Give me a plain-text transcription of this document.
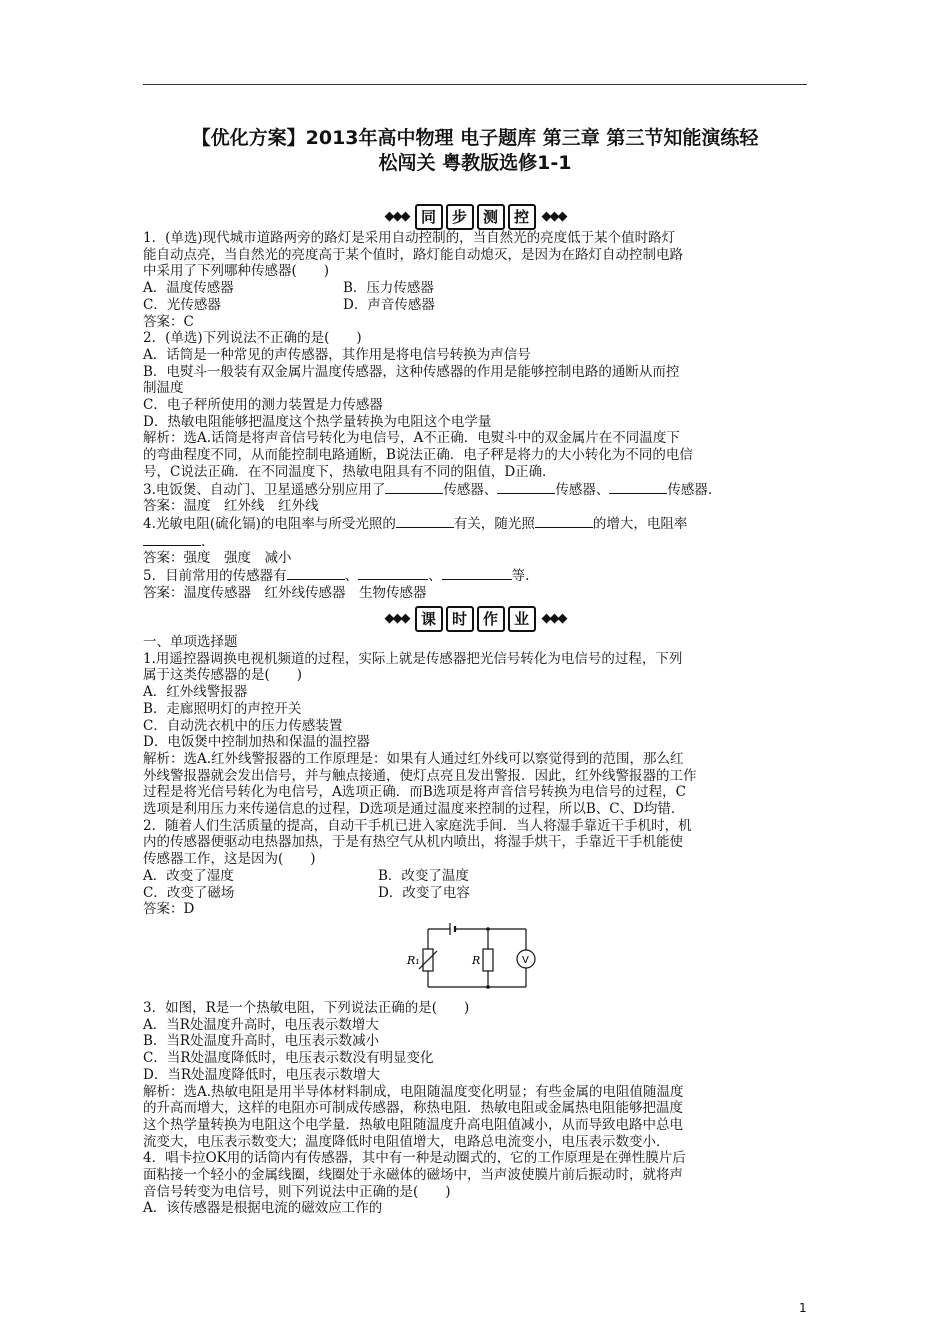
【优化方案】2013年高中物理 电子题库 第三章 第三节知能演练轻
松闯关 粤教版选修1-1
◆◆◆ 同	步	测	控 ◆◆◆

1．(单选)现代城市道路两旁的路灯是采用自动控制的，当自然光的亮度低于某个值时路灯

能自动点亮，当自然光的亮度高于某个值时，路灯能自动熄灭，是因为在路灯自动控制电路

中采用了下列哪种传感器(　　)

A．温度传感器	B．压力传感器
C．光传感器	D．声音传感器

答案：C

2．(单选)下列说法不正确的是(　　)

A．话筒是一种常见的声传感器，其作用是将电信号转换为声信号

B．电熨斗一般装有双金属片温度传感器，这种传感器的作用是能够控制电路的通断从而控

制温度

C．电子秤所使用的测力装置是力传感器

D．热敏电阻能够把温度这个热学量转换为电阻这个电学量

解析：选A.话筒是将声音信号转化为电信号，A不正确．电熨斗中的双金属片在不同温度下

的弯曲程度不同，从而能控制电路通断，B说法正确．电子秤是将力的大小转化为不同的电信

号，C说法正确．在不同温度下，热敏电阻具有不同的阻值，D正确．

3.电饭煲、自动门、卫星遥感分别应用了	传感器、	传感器、	传感器.

答案：温度　红外线　红外线

4.光敏电阻(硫化镉)的电阻率与所受光照的	有关，随光照	的增大，电阻率

.

答案：强度　强度　减小

5．目前常用的传感器有	、	、	等.

答案：温度传感器　红外线传感器　生物传感器

◆◆◆ 课	时	作	业 ◆◆◆

一、单项选择题

1.用遥控器调换电视机频道的过程，实际上就是传感器把光信号转化为电信号的过程，下列

属于这类传感器的是(　　)

A．红外线警报器

B．走廊照明灯的声控开关

C．自动洗衣机中的压力传感装置

D．电饭煲中控制加热和保温的温控器

解析：选A.红外线警报器的工作原理是：如果有人通过红外线可以察觉得到的范围，那么红

外线警报器就会发出信号，并与触点接通，使灯点亮且发出警报．因此，红外线警报器的工作

过程是将光信号转化为电信号，A选项正确．而B选项是将声音信号转换为电信号的过程，C

选项是利用压力来传递信息的过程，D选项是通过温度来控制的过程，所以B、C、D均错．

2．随着人们生活质量的提高，自动干手机已进入家庭洗手间．当人将湿手靠近干手机时，机

内的传感器便驱动电热器加热，于是有热空气从机内喷出，将湿手烘干，手靠近干手机能使

传感器工作，这是因为(　　)

A．改变了湿度	B．改变了温度
C．改变了磁场	D．改变了电容

答案：D

R₁	R	V

3．如图，R是一个热敏电阻，下列说法正确的是(　　)

A．当R处温度升高时，电压表示数增大

B．当R处温度升高时，电压表示数减小

C．当R处温度降低时，电压表示数没有明显变化

D．当R处温度降低时，电压表示数增大

解析：选A.热敏电阻是用半导体材料制成，电阻随温度变化明显；有些金属的电阻值随温度

的升高而增大，这样的电阻亦可制成传感器，称热电阻．热敏电阻或金属热电阻能够把温度

这个热学量转换为电阻这个电学量．热敏电阻随温度升高电阻值减小，从而导致电路中总电

流变大，电压表示数变大；温度降低时电阻值增大，电路总电流变小，电压表示数变小．

4．唱卡拉OK用的话筒内有传感器，其中有一种是动圈式的，它的工作原理是在弹性膜片后

面粘接一个轻小的金属线圈，线圈处于永磁体的磁场中，当声波使膜片前后振动时，就将声

音信号转变为电信号，则下列说法中正确的是(　　)

A．该传感器是根据电流的磁效应工作的

1
